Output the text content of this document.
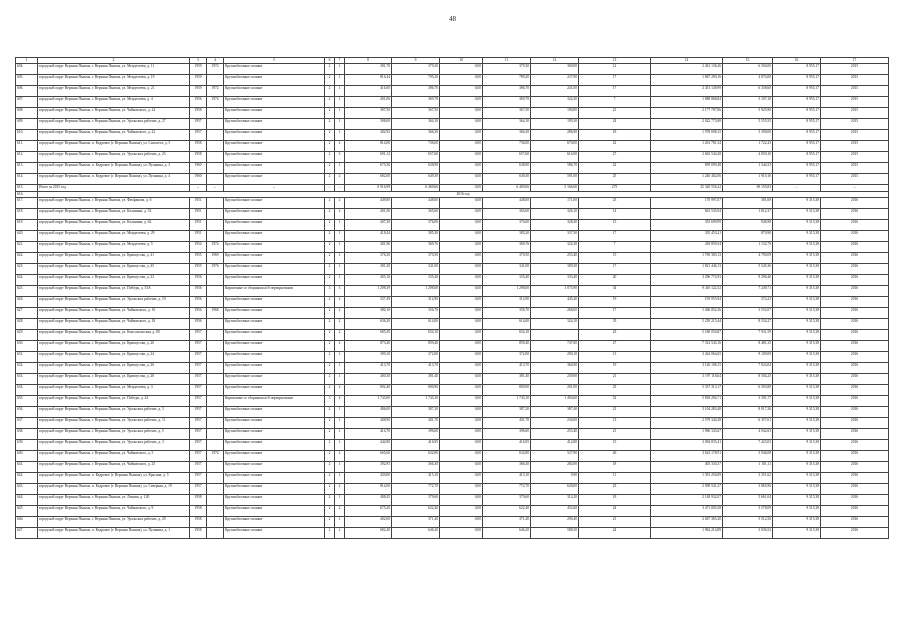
48
1	2	3	4	5	6	7	8	9	10	11	12	13	14	15	16	17
604.	городской округ Верхняя Пышма, г. Верхняя Пышма, ул. Менделеева, д. 11	1959	1972	Крупноблочные силикат	2	1	381,70	379,30	0,00	379,30	369,00	12	2 461 136,26	6 504,00	8 955,17	2015
605.	городской округ Верхняя Пышма, г. Верхняя Пышма, ул. Менделеева, д. 19	1959		Крупноблочные силикат	2	1	816,44	795,20	0,00	789,20	227,90	17	1 867 290,16	4 874,00	8 955,17	2015
606.	городской округ Верхняя Пышма, г. Верхняя Пышма, ул. Менделеева, д. 21	1959	1972	Крупноблочные силикат	2	1	416,00	386,70	0,00	386,70	241,00	17	2 451 149,99	6 338,60	8 955,17	2015
607.	городской округ Верхняя Пышма, г. Верхняя Пышма, ул. Менделеева, д. 4	1956	1974	Крупноблочные силикат	2	1	401,06	369,78	0,00	369,78	324,30	7	1 888 868,84	5 107,10	8 955,17	2015
608.	городской округ Верхняя Пышма, г. Верхняя Пышма, ул. Чайковского, д. 24	1958		Крупноблочные силикат	2	1	387,50	367,50	0,00	367,50	190,80	21	2 177 787,86	5 925,90	8 955,17	2015
609.	городской округ Верхняя Пышма, г. Верхняя Пышма, ул. Уральских рабочих, д. 27	1957		Крупноблочные силикат	2	1	398,00	364,10	0,00	364,10	195,30	24	2 022 775,88	5 555,55	8 955,17	2015
610.	городской округ Верхняя Пышма, г. Верхняя Пышма, ул. Чайковского, д. 22	1957		Крупноблочные силикат	2	1	402,93	366,30	0,00	366,30	286,90	18	1 978 008,15	5 390,00	8 955,17	2015
611.	городской округ Верхняя Пышма, п. Кедровое (г. Верхняя Пышма), ул. Самолета, д. 5	1958		Крупноблочные силикат	2	2	814,00	736,00	0,00	736,00	670,00	22	1 261 781,34	1 722,43	8 955,17	2015
612.	городской округ Верхняя Пышма, г. Верхняя Пышма, ул. Уральских рабочих, д. 25	1958		Крупноблочные силикат	2	3	691,12	657,60	0,00	657,60	616,90	27	2 663 544,28	4 050,10	8 955,17	2015
613.	городской округ Верхняя Пышма, п. Кедровое (г. Верхняя Пышма), ул. Пушкина, д. 3	1960		Крупноблочные силикат	2	1	675,50	638,90	0,00	638,90	586,70	22	859 099,48	1 344,53	8 955,17	2015
614.	городской округ Верхняя Пышма, п. Кедровое (г. Верхняя Пышма), ул. Пушкина, д. 4	1960		Крупноблочные силикат	2	2	682,00	649,30	0,00	649,30	591,00	25	1 240 462,06	1 910,16	8 955,17	2015
615.	Итого за 2015 год	–	–	–	–	–	6 916,99	6 469,66	0,00	6 469,66	5 166,60	275	25 320 556,22	69 155,83	–	–
616.	2016 год															
617.	городской округ Верхняя Пышма, г. Верхняя Пышма, ул. Феофанова, д. 6	1951		Крупноблочные силикат	2	2	449,00	448,00	0,00	448,00	171,00	23	170 997,07	381,69	9 315,38	2016
618.	городской округ Верхняя Пышма, г. Верхняя Пышма, ул. Калинина, д. 52	1951		Крупноблочные силикат	2	2	401,50	365,60	0,00	365,60	326,10	14	661 545,94	1 812,37	9 315,38	2016
619.	городской округ Верхняя Пышма, г. Верхняя Пышма, ул. Калинина, д. 62	1951		Крупноблочные силикат	2	1	407,30	376,00	0,00	376,00	328,40	15	355 699,99	946,98	9 315,38	2016
620.	городской округ Верхняя Пышма, г. Верхняя Пышма, ул. Менделеева, д. 29	1951		Крупноблочные силикат	2	1	418,44	385,20	0,00	385,20	337,50	17	335 453,21	870,90	9 315,38	2016
621.	городской округ Верхняя Пышма, г. Верхняя Пышма, ул. Менделеева, д. 5	1954	1974	Крупноблочные силикат	2	1	401,96	369,76	0,00	369,76	324,30	7	418 859,54	1 132,79	9 315,38	2016
622.	городской округ Верхняя Пышма, г. Верхняя Пышма, ул. Кривоусова, д. 41	1955	1969	Крупноблочные силикат	2	1	376,30	370,50	0,00	370,50	253,40	15	1 769 383,13	4 790,09	9 315,38	2016
623.	городской округ Верхняя Пышма, г. Верхняя Пышма, ул. Кривоусова, д. 45	1955	1976	Крупноблочные силикат	2	1	381,30	341,00	0,00	341,00	309,30	17	1 821 446,13	5 345,36	9 315,38	2016
624.	городской округ Верхняя Пышма, г. Верхняя Пышма, ул. Кривоусова, д. 22	1956		Крупноблочные силикат	2	1	405,10	335,40	0,00	335,40	333,40	20	3 296 774,93	9 290,46	9 315,38	2016
625.	городской округ Верхняя Пышма, г. Верхняя Пышма, ул. Победы, д. 53А	1956		Кирпичные со сборными ж/б перекрытиями	3	3	1 298,39	1 298,00	0,00	1 298,00	1 075,90	34	9 410 122,52	7 249,71	9 315,38	2016
626.	городской округ Верхняя Пышма, г. Верхняя Пышма, ул. Уральских рабочих, д. 19	1956		Крупноблочные силикат	2	2	337,49	312,90	0,00	312,90	445,40	19	195 955,94	374,23	9 315,38	2016
627.	городской округ Верхняя Пышма, г. Верхняя Пышма, ул. Чайковского, д. 16	1956	1968	Крупноблочные силикат	2	2	380,10	356,70	0,00	356,70	268,00	17	1 266 852,36	3 552,07	9 315,38	2016
628.	городской округ Верхняя Пышма, г. Верхняя Пышма, ул. Чайковского, д. 18	1956		Крупноблочные силикат	2	2	636,20	614,00	0,00	614,00	324,10	35	5 239 215,44	8 534,27	9 315,38	2016
629.	городской округ Верхняя Пышма, г. Верхняя Пышма, ул. Комсомольская, д. 80	1957		Крупноблочные силикат	2	2	685,50	654,10	0,00	654,10		23	5 180 050,87	7 931,59	9 315,38	2016
630.	городской округ Верхняя Пышма, г. Верхняя Пышма, ул. Кривоусова, д. 20	1957		Крупноблочные силикат	2	2	873,40	859,40	0,00	859,40	747,00	27	7 312 543,16	8 481,35	9 315,38	2016
631.	городской округ Верхняя Пышма, г. Верхняя Пышма, ул. Кривоусова, д. 24	1957		Крупноблочные силикат	2	1	390,10	372,00	0,00	372,00	290,10	13	3 424 064,65	9 109,09	9 315,38	2016
632.	городской округ Верхняя Пышма, г. Верхняя Пышма, ул. Кривоусова, д. 26	1957		Крупноблочные силикат	2	1	413,70	413,70	0,00	413,70	364,90	19	3 126 108,15	7 924,04	9 315,38	2016
633.	городской округ Верхняя Пышма, г. Верхняя Пышма, ул. Кривоусова, д. 28	1957		Крупноблочные силикат	2	1	400,30	381,40	0,00	381,40	239,00	21	3 197 118,64	8 504,25	9 315,38	2016
634.	городской округ Верхняя Пышма, г. Верхняя Пышма, ул. Менделеева, д. 3	1957		Крупноблочные силикат	2	2	802,40	800,90	0,00	800,90	201,00	25	5 337 313,17	6 503,89	9 315,38	2016
635.	городской округ Верхняя Пышма, г. Верхняя Пышма, ул. Победы, д. 24	1957		Кирпичные со сборными ж/б перекрытиями	3	4	1 743,00	1 743,10	0,00	1 743,10	1 494,60	52	5 818 294,71	3 391,77	9 315,38	2016
636.	городской округ Верхняя Пышма, г. Верхняя Пышма, ул. Уральских рабочих, д. 5	1957		Крупноблочные силикат	2	1	406,00	387,20	0,00	387,20	387,40	21	3 104 283,48	8 017,26	9 315,38	2016
637.	городской округ Верхняя Пышма, г. Верхняя Пышма, ул. Уральских рабочих, д. 11	1957		Крупноблочные силикат	2	1	408,90	401,70	0,00	401,70	230,00	13	2 579 344,38	6 357,61	9 315,38	2016
638.	городской округ Верхняя Пышма, г. Верхняя Пышма, ул. Уральских рабочих, д. 5	1957		Крупноблочные силикат	2	1	414,70	396,60	0,00	396,60	253,40	21	1 960 343,67	4 942,63	9 315,38	2016
639.	городской округ Верхняя Пышма, г. Верхняя Пышма, ул. Уральских рабочих, д. 3	1957		Крупноблочные силикат	2	1	444,90	416,95	0,00	416,95	412,80	15	3 094 835,41	7 423,03	9 315,38	2016
640.	городской округ Верхняя Пышма, г. Верхняя Пышма, ул. Чайковского, д. 5	1957	1974	Крупноблочные силикат	2	2	665,60	632,80	0,00	632,80	527,90	26	3 624 178,91	5 946,08	9 315,38	2016
641.	городской округ Верхняя Пышма, г. Верхняя Пышма, ул. Чайковского, д. 25	1957		Крупноблочные силикат	2	1	392,95	366,30	0,00	366,30	284,90	18	403 330,37	1 101,11	9 315,38	2016
642.	городской округ Верхняя Пышма, п. Кедровое (г. Верхняя Пышма), ул. Красина, д. 5	1957		Крупноблочные силикат	2	1	430,00	415,10	0,00	415,10	9,90	11	1 391 256,89	3 351,62	9 315,38	2016
643.	городской округ Верхняя Пышма, п. Кедровое (г. Верхняя Пышма), ул. Северная, д. 19	1957		Крупноблочные силикат	2	2	814,00	772,70	0,00	772,70	628,00	23	2 958 541,27	3 865,96	9 315,38	2016
644.	городской округ Верхняя Пышма, г. Верхняя Пышма, ул. Ленина, д. 120	1958		Крупноблочные силикат	2	1	408,45	379,60	0,00	379,60	314,20	18	2 148 932,07	5 661,04	9 315,38	2016
645.	городской округ Верхняя Пышма, г. Верхняя Пышма, ул. Чайковского, д. 9	1958		Крупноблочные силикат	2	2	675,20	622,40	0,00	622,40	452,60	24	3 471 805,58	5 578,09	9 315,38	2016
646.	городской округ Верхняя Пышма, г. Верхняя Пышма, ул. Уральских рабочих, д. 29	1958		Крупноблочные силикат	2	1	402,00	371,40	0,00	371,40	290,40	21	2 047 365,20	5 512,56	9 315,38	2016
647.	городской округ Верхняя Пышма, п. Кедровое (г. Верхняя Пышма), ул. Пушкина, д. 1	1958		Крупноблочные силикат	2	2	682,40	646,20	0,00	646,20	588,30	24	1 962 214,89	3 036,54	9 315,38	2016
